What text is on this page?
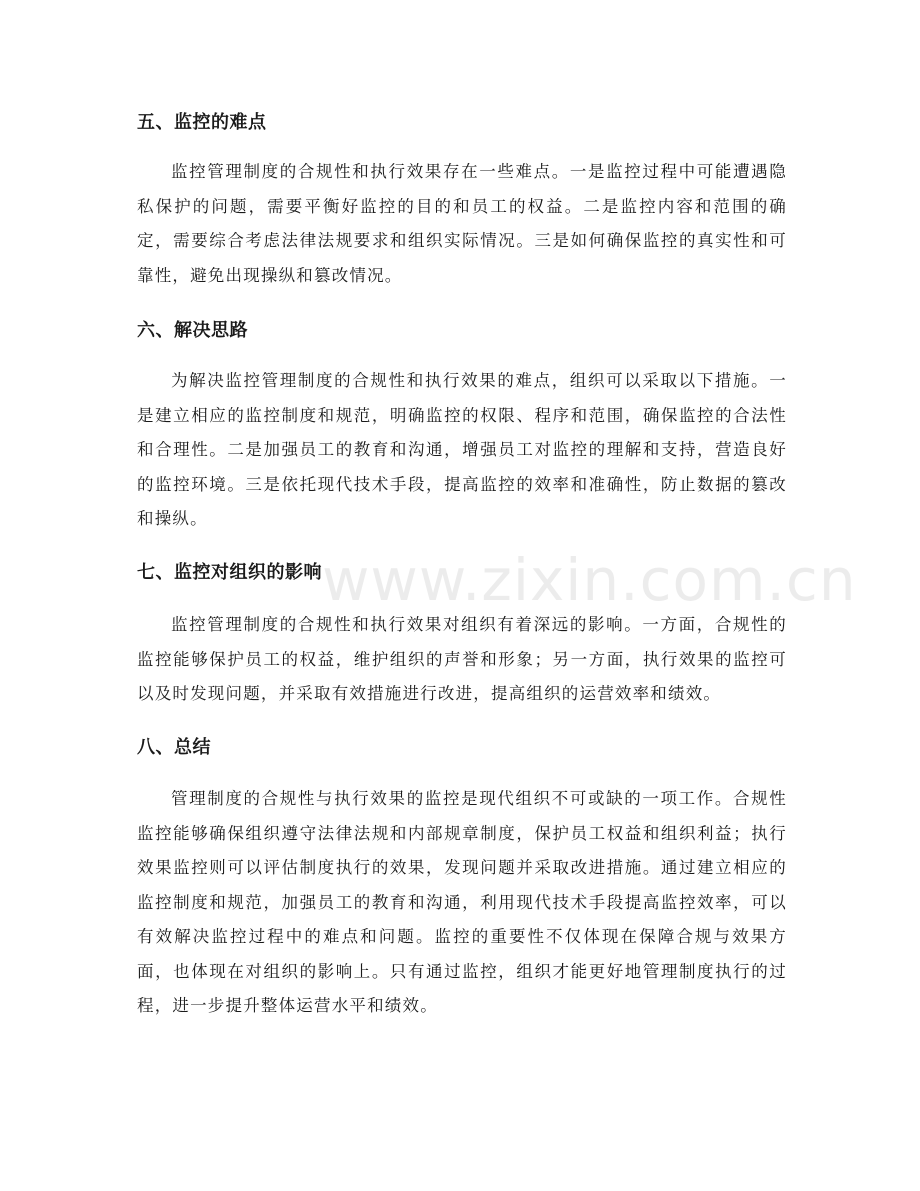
五、监控的难点
监控管理制度的合规性和执行效果存在一些难点。一是监控过程中可能遭遇隐私保护的问题，需要平衡好监控的目的和员工的权益。二是监控内容和范围的确定，需要综合考虑法律法规要求和组织实际情况。三是如何确保监控的真实性和可靠性，避免出现操纵和篡改情况。
六、解决思路
为解决监控管理制度的合规性和执行效果的难点，组织可以采取以下措施。一是建立相应的监控制度和规范，明确监控的权限、程序和范围，确保监控的合法性和合理性。二是加强员工的教育和沟通，增强员工对监控的理解和支持，营造良好的监控环境。三是依托现代技术手段，提高监控的效率和准确性，防止数据的篡改和操纵。
七、监控对组织的影响
监控管理制度的合规性和执行效果对组织有着深远的影响。一方面，合规性的监控能够保护员工的权益，维护组织的声誉和形象；另一方面，执行效果的监控可以及时发现问题，并采取有效措施进行改进，提高组织的运营效率和绩效。
八、总结
管理制度的合规性与执行效果的监控是现代组织不可或缺的一项工作。合规性监控能够确保组织遵守法律法规和内部规章制度，保护员工权益和组织利益；执行效果监控则可以评估制度执行的效果，发现问题并采取改进措施。通过建立相应的监控制度和规范，加强员工的教育和沟通，利用现代技术手段提高监控效率，可以有效解决监控过程中的难点和问题。监控的重要性不仅体现在保障合规与效果方面，也体现在对组织的影响上。只有通过监控，组织才能更好地管理制度执行的过程，进一步提升整体运营水平和绩效。
www.zixin.com.cn
